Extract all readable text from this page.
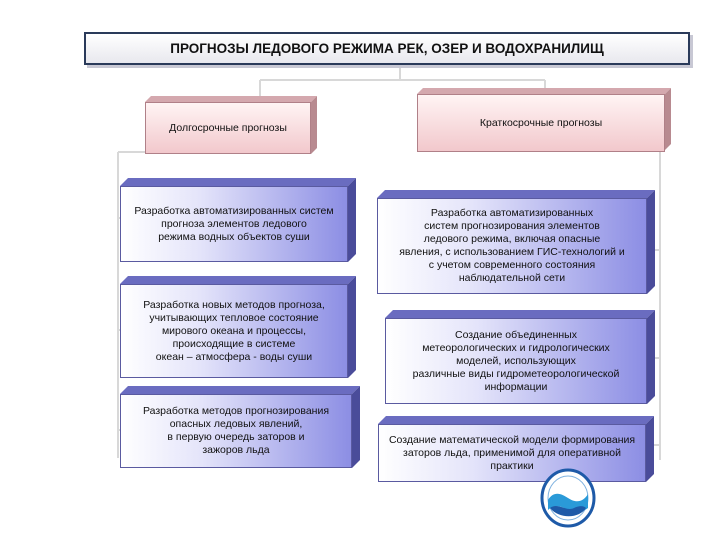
ПРОГНОЗЫ ЛЕДОВОГО РЕЖИМА РЕК, ОЗЕР И ВОДОХРАНИЛИЩ
Долгосрочные прогнозы	Краткосрочные прогнозы
Разработка автоматизированных систем
прогноза элементов ледового
режима водных объектов суши
Разработка новых методов прогноза,
учитывающих тепловое состояние
мирового океана и процессы,
происходящие в системе
океан – атмосфера - воды суши
Разработка методов прогнозирования
опасных ледовых явлений,
в первую очередь заторов и
зажоров льда
Разработка автоматизированных
систем прогнозирования элементов
ледового режима, включая опасные
явления, с использованием ГИС-технологий и
с учетом современного состояния
наблюдательной сети
Создание объединенных
метеорологических и гидрологических
моделей, использующих
различные виды гидрометеорологической
информации
Создание математической модели формирования
заторов льда, применимой для оперативной
практики
